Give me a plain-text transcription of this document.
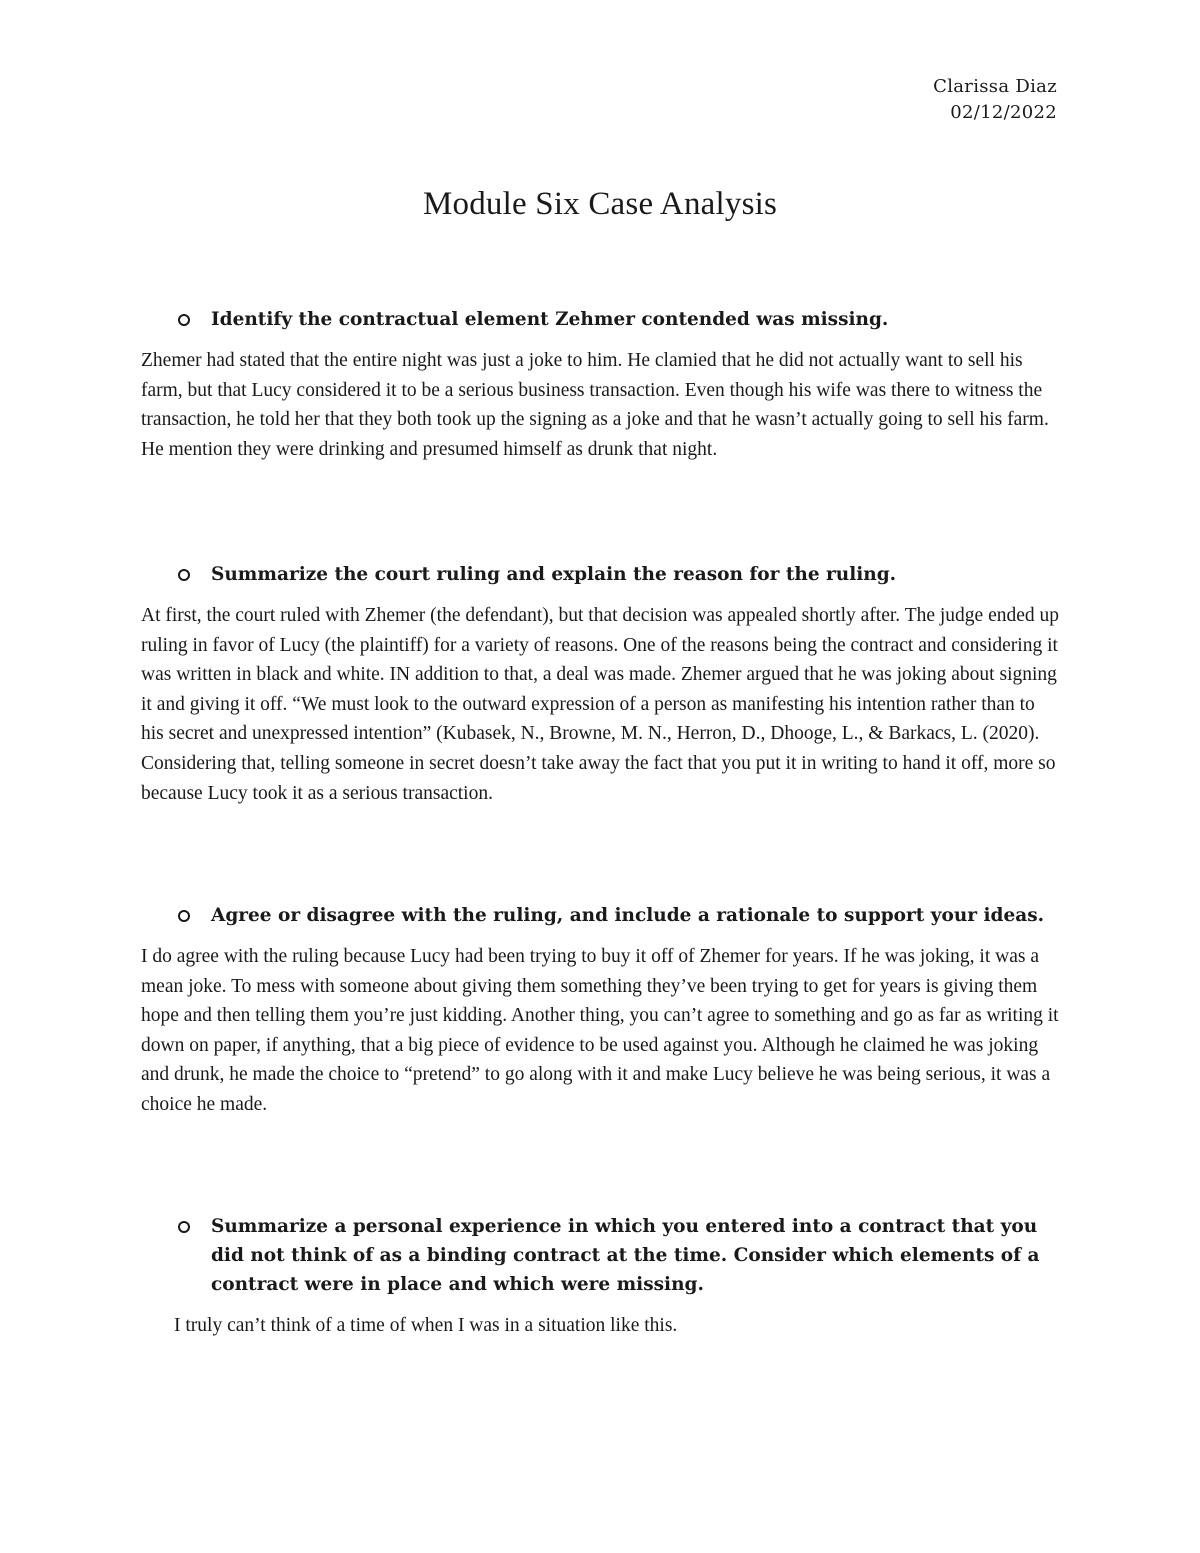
Clarissa Diaz
02/12/2022
Module Six Case Analysis
Identify the contractual element Zehmer contended was missing.
Zhemer had stated that the entire night was just a joke to him. He clamied that he did not actually want to sell his farm, but that Lucy considered it to be a serious business transaction. Even though his wife was there to witness the transaction, he told her that they both took up the signing as a joke and that he wasn’t actually going to sell his farm. He mention they were drinking and presumed himself as drunk that night.
Summarize the court ruling and explain the reason for the ruling.
At first, the court ruled with Zhemer (the defendant), but that decision was appealed shortly after. The judge ended up ruling in favor of Lucy (the plaintiff) for a variety of reasons. One of the reasons being the contract and considering it was written in black and white. IN addition to that, a deal was made. Zhemer argued that he was joking about signing it and giving it off. “We must look to the outward expression of a person as manifesting his intention rather than to his secret and unexpressed intention” (Kubasek, N., Browne, M. N., Herron, D., Dhooge, L., & Barkacs, L. (2020). Considering that, telling someone in secret doesn’t take away the fact that you put it in writing to hand it off, more so because Lucy took it as a serious transaction.
Agree or disagree with the ruling, and include a rationale to support your ideas.
I do agree with the ruling because Lucy had been trying to buy it off of Zhemer for years. If he was joking, it was a mean joke. To mess with someone about giving them something they’ve been trying to get for years is giving them hope and then telling them you’re just kidding. Another thing, you can’t agree to something and go as far as writing it down on paper, if anything, that a big piece of evidence to be used against you. Although he claimed he was joking and drunk, he made the choice to “pretend” to go along with it and make Lucy believe he was being serious, it was a choice he made.
Summarize a personal experience in which you entered into a contract that you did not think of as a binding contract at the time. Consider which elements of a contract were in place and which were missing.
I truly can’t think of a time of when I was in a situation like this.
